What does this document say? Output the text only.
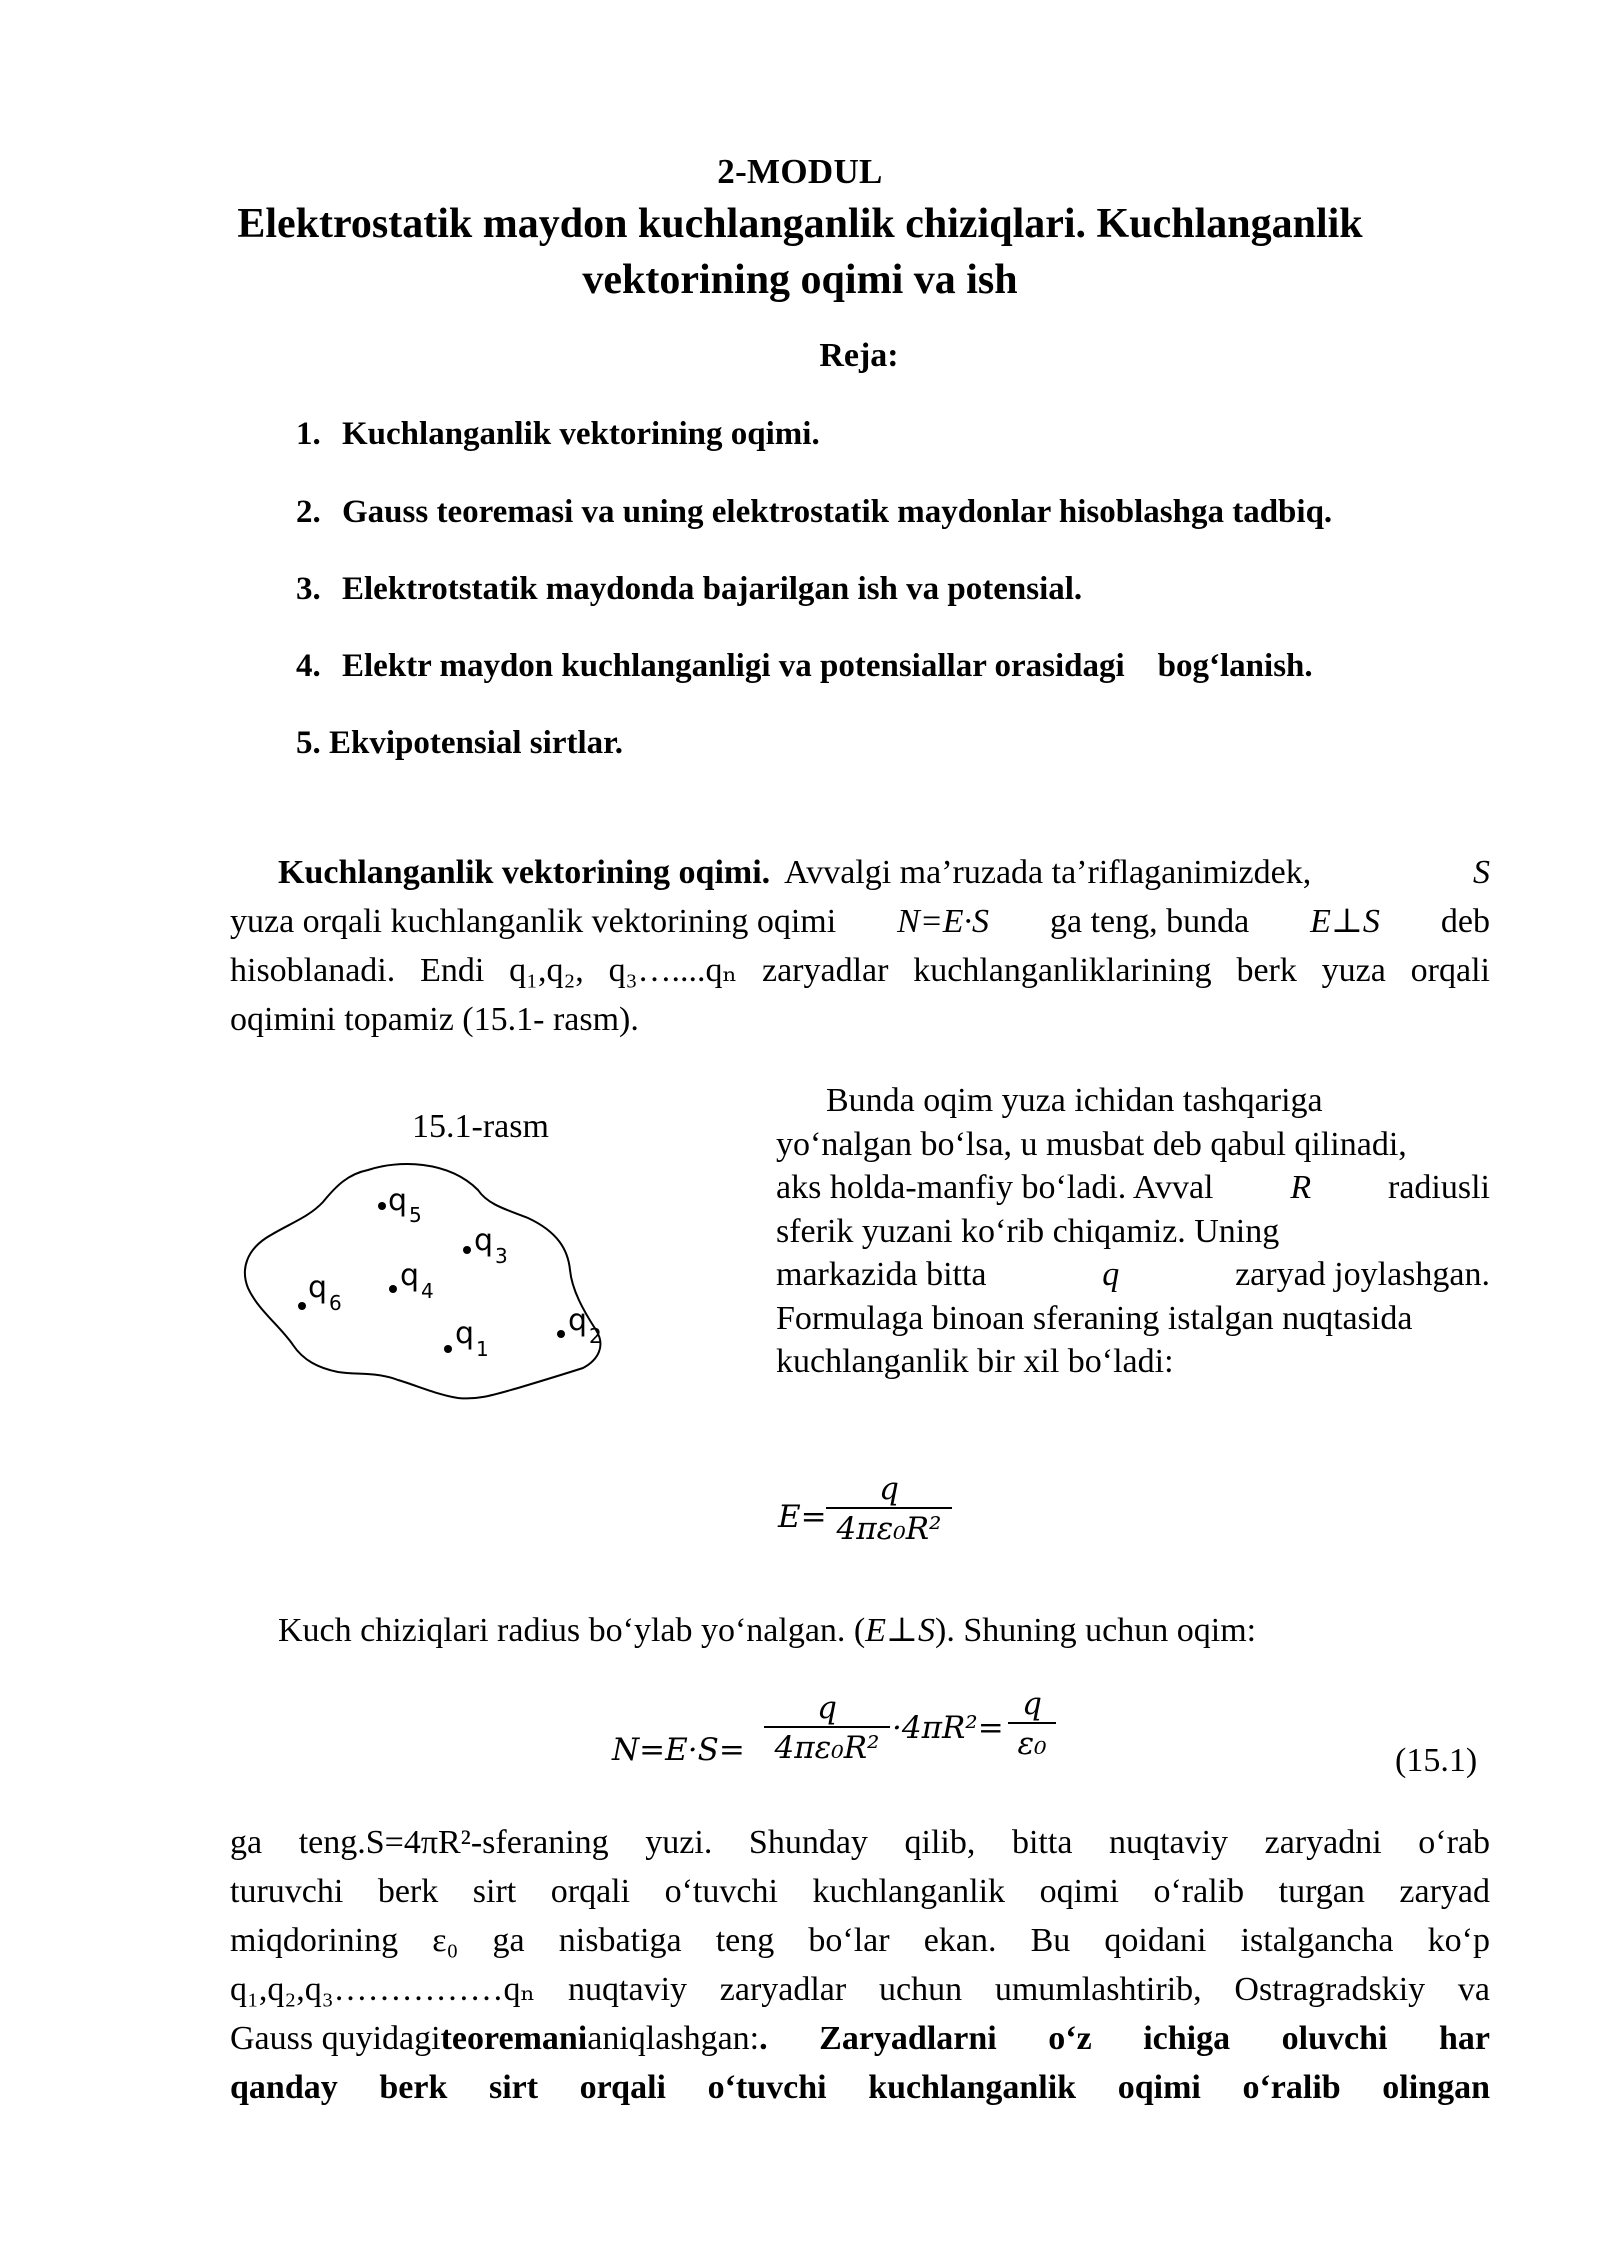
2-MODUL
Elektrostatik maydon kuchlanganlik chiziqlari. Kuchlanganlik
vektorining oqimi va ish
Reja:
1. Kuchlanganlik vektorining oqimi.
2. Gauss teoremasi va uning elektrostatik maydonlar hisoblashga tadbiq.
3. Elektrotstatik maydonda bajarilgan ish va potensial.
4. Elektr maydon kuchlanganligi va potensiallar orasidagi    bog‘lanish.
5. Ekvipotensial sirtlar.
Kuchlanganlik vektorining oqimi. Avvalgi ma’ruzada ta’riflaganimizdek,	S
yuza orqali kuchlanganlik vektorining oqimi N=E·S ga teng, bunda E⊥S deb
hisoblanadi. Endi q₁,q₂, q₃…....qₙ zaryadlar kuchlanganliklarining berk yuza orqali
oqimini topamiz (15.1- rasm).
15.1-rasm
q 5
q 3
q 6
q 4
q 1
q 2
Bunda oqim yuza ichidan tashqariga
yo‘nalgan bo‘lsa, u musbat deb qabul qilinadi,
aks holda-manfiy bo‘ladi. Avval R radiusli
sferik yuzani ko‘rib chiqamiz. Uning
markazida bitta	q	zaryad joylashgan.
Formulaga binoan sferaning istalgan nuqtasida
kuchlanganlik bir xil bo‘ladi:
$E= \frac{q}{\text{4πε₀R²}}$
Kuch chiziqlari radius bo‘ylab yo‘nalgan. (E⊥S). Shuning uchun oqim:
$N=E\cdot S= \frac{q}{\text{4πε₀R²}} \cdot 4\pi R^2= \frac{q}{\text{ε₀}}$	(15.1)
ga teng.S=4πR²-sferaning yuzi. Shunday qilib, bitta nuqtaviy zaryadni o‘rab
turuvchi berk sirt orqali o‘tuvchi kuchlanganlik oqimi o‘ralib turgan zaryad
miqdorining ε₀ ga nisbatiga teng bo‘lar ekan. Bu qoidani istalgancha ko‘p
q₁,q₂,q₃……………qₙ nuqtaviy zaryadlar uchun umumlashtirib, Ostragradskiy va
Gauss quyidagi teoremani aniqlashgan: . Zaryadlarni o‘z ichiga oluvchi har
qanday berk sirt orqali o‘tuvchi kuchlanganlik oqimi o‘ralib olingan
